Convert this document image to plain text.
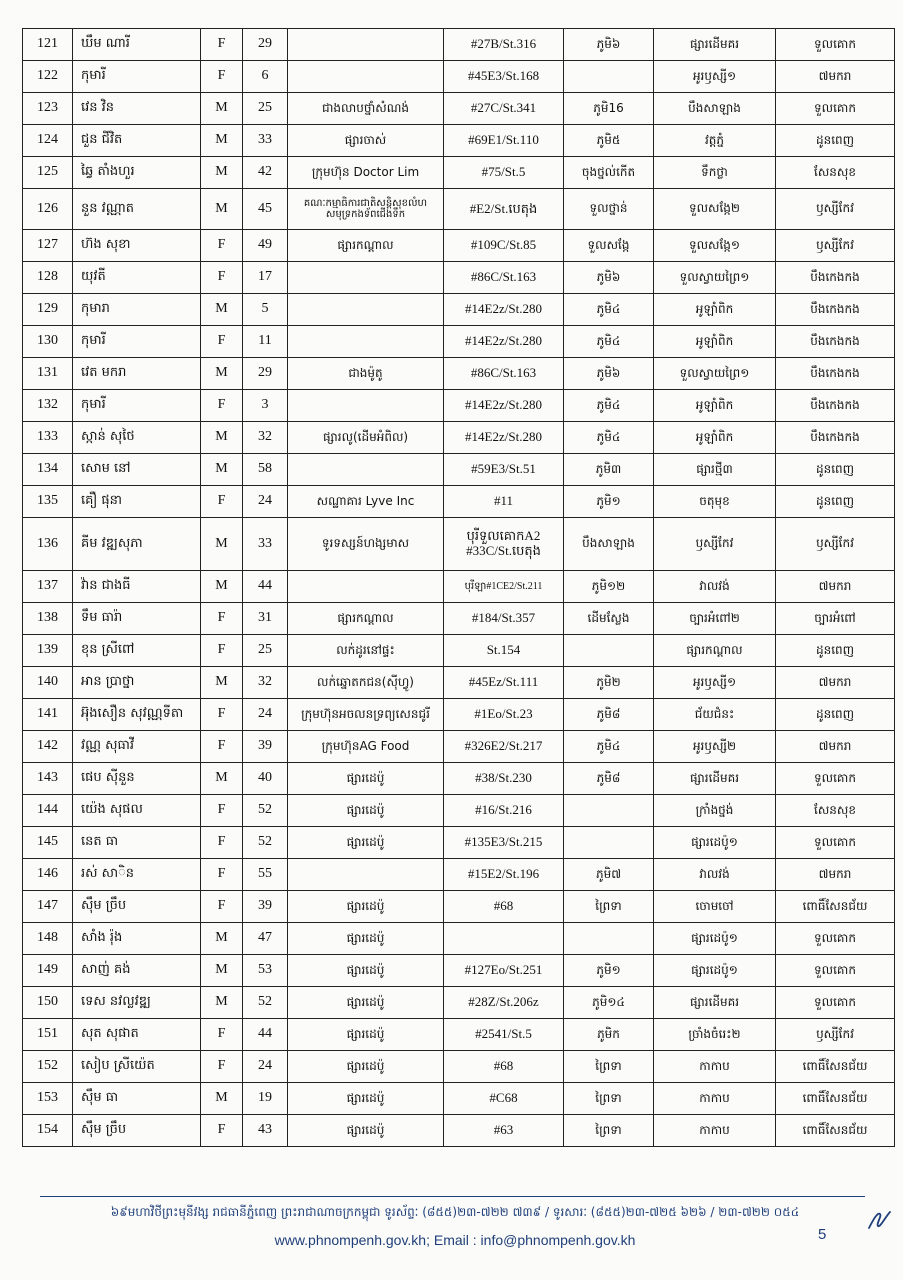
121	ឃឹម ណារី	F	29		#27B/St.316	ភូមិ៦	ផ្សារដើមគរ	ទួលគោក
122	កុមារី	F	6		#45E3/St.168		អូរឫស្សី១	៧មករា
123	វេន វិន	M	25	ជាងលាបថ្នាំសំណង់	#27C/St.341	ភូមិ16	បឹងសាឡាង	ទួលគោក
124	ជួន ជីវិត	M	33	ផ្សារចាស់	#69E1/St.110	ភូមិ៥	វត្តភ្នំ	ដូនពេញ
125	ឆ្វៃ តាំងហួរ	M	42	ក្រុមហ៊ុន Doctor Lim	#75/St.5	ចុងថ្នល់កើត	ទឹកថ្លា	សែនសុខ
126	នួន វណ្ណាត	M	45	គណៈកម្មាធិការជាតិសន្តិសុខលំហសមុទ្រកងទ័ពជើងទឹក	#E2/St.បេតុង	ទួលថ្នាន់	ទួលសង្កែ២	ឫស្សីកែវ
127	ហ៊ង សុខា	F	49	ផ្សារកណ្ដាល	#109C/St.85	ទួលសង្កែ	ទួលសង្កែ១	ឫស្សីកែវ
128	យុវតី	F	17		#86C/St.163	ភូមិ៦	ទួលស្វាយព្រៃ១	បឹងកេងកង
129	កុមារា	M	5		#14E2z/St.280	ភូមិ៤	អូឡាំពិក	បឹងកេងកង
130	កុមារី	F	11		#14E2z/St.280	ភូមិ៤	អូឡាំពិក	បឹងកេងកង
131	វេត មករា	M	29	ជាងម៉ូតូ	#86C/St.163	ភូមិ៦	ទួលស្វាយព្រៃ១	បឹងកេងកង
132	កុមារី	F	3		#14E2z/St.280	ភូមិ៤	អូឡាំពិក	បឹងកេងកង
133	ស្កាន់ សុថៃ	M	32	ផ្សារលូ(ដើមអំពិល)	#14E2z/St.280	ភូមិ៤	អូឡាំពិក	បឹងកេងកង
134	សោម នៅ	M	58		#59E3/St.51	ភូមិ៣	ផ្សារថ្មី៣	ដូនពេញ
135	គឿ ផុនា	F	24	សណ្ឋាគារ Lyve Inc	#11	ភូមិ១	ចតុមុខ	ដូនពេញ
136	គីម វឌ្ឍសុភា	M	33	ទូរទស្សន៍ហង្សមាស	បុរីទួលគោកA2 #33C/St.បេតុង	បឹងសាឡាង	ឫស្សីកែវ	ឫស្សីកែវ
137	វ៉ាន ជាងធី	M	44		បុរីឡា#1CE2/St.211	ភូមិ១២	វាលវង់	៧មករា
138	ទឹម ធារ៉ា	F	31	ផ្សារកណ្ដាល	#184/St.357	ដើមស្លែង	ច្បារអំពៅ២	ច្បារអំពៅ
139	ខុន ស្រីពៅ	F	25	លក់ដូរនៅផ្ទះ	St.154		ផ្សារកណ្ដាល	ដូនពេញ
140	អាន ប្រាថ្នា	M	32	លក់ឆ្នោតកជន(ស៊ីហ្វូ)	#45Ez/St.111	ភូមិ២	អូរឫស្សី១	៧មករា
141	អ៊ុងសឿន សុវណ្ណទីតា	F	24	ក្រុមហ៊ុនអចលនទ្រព្យសេនជូរី	#1Eo/St.23	ភូមិ៨	ជ័យជំនះ	ដូនពេញ
142	វណ្ណ សុធាវី	F	39	ក្រុមហ៊ុនAG Food	#326E2/St.217	ភូមិ៤	អូរឫស្សី២	៧មករា
143	ផេប ស៊ីនួន	M	40	ផ្សារដេប៉ូ	#38/St.230	ភូមិ៨	ផ្សារដើមគរ	ទួលគោក
144	យ៉េង សុផល	F	52	ផ្សារដេប៉ូ	#16/St.216		ក្រាំងថ្នង់	សែនសុខ
145	នេត ធា	F	52	ផ្សារដេប៉ូ	#135E3/St.215		ផ្សារដេប៉ូ១	ទួលគោក
146	រស់ សាិន	F	55		#15E2/St.196	ភូមិ៧	វាលវង់	៧មករា
147	ស៊ឹម ច្រឹប	F	39	ផ្សារដេប៉ូ	#68	ព្រៃទា	ចោមចៅ	ពោធិ៍សែនជ័យ
148	សាំង រ៉ុង	M	47	ផ្សារដេប៉ូ			ផ្សារដេប៉ូ១	ទួលគោក
149	សាញ់ គង់	M	53	ផ្សារដេប៉ូ	#127Eo/St.251	ភូមិ១	ផ្សារដេប៉ូ១	ទួលគោក
150	ទេស នវល្លវឌ្ឍ	M	52	ផ្សារដេប៉ូ	#28Z/St.206z	ភូមិ១៤	ផ្សារដើមគរ	ទួលគោក
151	សុត សុផាត	F	44	ផ្សារដេប៉ូ	#2541/St.5	ភូមិក	ច្រាំងចំរេះ២	ឫស្សីកែវ
152	សៀប ស្រីយ៉េត	F	24	ផ្សារដេប៉ូ	#68	ព្រៃទា	កាកាប	ពោធិ៍សែនជ័យ
153	ស៊ឹម ធា	M	19	ផ្សារដេប៉ូ	#C68	ព្រៃទា	កាកាប	ពោធិ៍សែនជ័យ
154	ស៊ឹម ច្រឹប	F	43	ផ្សារដេប៉ូ	#63	ព្រៃទា	កាកាប	ពោធិ៍សែនជ័យ
៦៩មហាវិថីព្រះមុនីវង្ស រាជធានីភ្នំពេញ ព្រះរាជាណាចក្រកម្ពុជា ទូរស័ព្ទៈ (៨៥៥)២៣-៧២២ ៧៣៩ / ទូរសារៈ (៨៥៥)២៣-៧២៥ ៦២៦ / ២៣-៧២២ ០៥៤
www.phnompenh.gov.kh; Email : info@phnompenh.gov.kh	5
